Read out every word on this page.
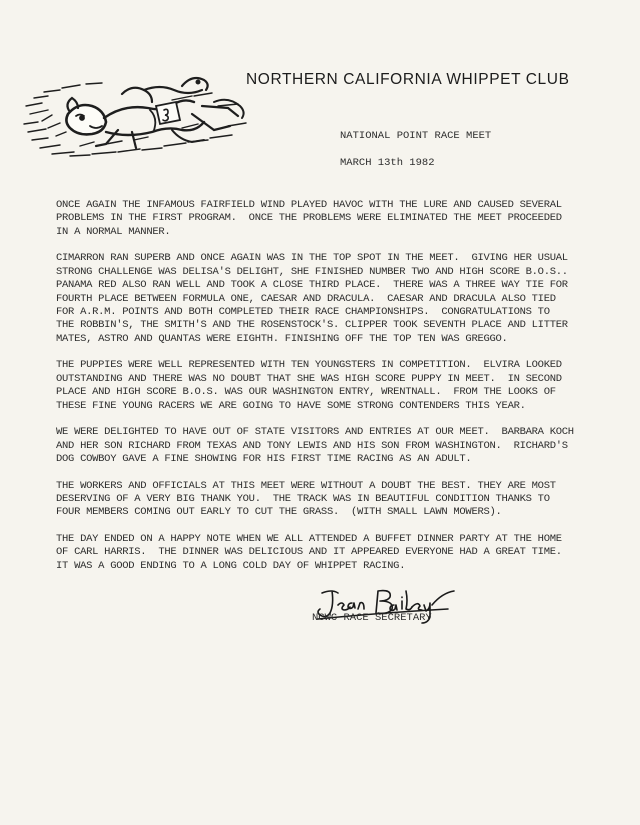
NORTHERN CALIFORNIA WHIPPET CLUB
NATIONAL POINT RACE MEET
MARCH 13th 1982

ONCE AGAIN THE INFAMOUS FAIRFIELD WIND PLAYED HAVOC WITH THE LURE AND CAUSED SEVERAL
PROBLEMS IN THE FIRST PROGRAM.  ONCE THE PROBLEMS WERE ELIMINATED THE MEET PROCEEDED
IN A NORMAL MANNER.

CIMARRON RAN SUPERB AND ONCE AGAIN WAS IN THE TOP SPOT IN THE MEET.  GIVING HER USUAL
STRONG CHALLENGE WAS DELISA'S DELIGHT, SHE FINISHED NUMBER TWO AND HIGH SCORE B.O.S..
PANAMA RED ALSO RAN WELL AND TOOK A CLOSE THIRD PLACE.  THERE WAS A THREE WAY TIE FOR
FOURTH PLACE BETWEEN FORMULA ONE, CAESAR AND DRACULA.  CAESAR AND DRACULA ALSO TIED
FOR A.R.M. POINTS AND BOTH COMPLETED THEIR RACE CHAMPIONSHIPS.  CONGRATULATIONS TO
THE ROBBIN'S, THE SMITH'S AND THE ROSENSTOCK'S. CLIPPER TOOK SEVENTH PLACE AND LITTER
MATES, ASTRO AND QUANTAS WERE EIGHTH. FINISHING OFF THE TOP TEN WAS GREGGO.

THE PUPPIES WERE WELL REPRESENTED WITH TEN YOUNGSTERS IN COMPETITION.  ELVIRA LOOKED
OUTSTANDING AND THERE WAS NO DOUBT THAT SHE WAS HIGH SCORE PUPPY IN MEET.  IN SECOND
PLACE AND HIGH SCORE B.O.S. WAS OUR WASHINGTON ENTRY, WRENTNALL.  FROM THE LOOKS OF
THESE FINE YOUNG RACERS WE ARE GOING TO HAVE SOME STRONG CONTENDERS THIS YEAR.

WE WERE DELIGHTED TO HAVE OUT OF STATE VISITORS AND ENTRIES AT OUR MEET.  BARBARA KOCH
AND HER SON RICHARD FROM TEXAS AND TONY LEWIS AND HIS SON FROM WASHINGTON.  RICHARD'S
DOG COWBOY GAVE A FINE SHOWING FOR HIS FIRST TIME RACING AS AN ADULT.

THE WORKERS AND OFFICIALS AT THIS MEET WERE WITHOUT A DOUBT THE BEST. THEY ARE MOST
DESERVING OF A VERY BIG THANK YOU.  THE TRACK WAS IN BEAUTIFUL CONDITION THANKS TO
FOUR MEMBERS COMING OUT EARLY TO CUT THE GRASS.  (WITH SMALL LAWN MOWERS).

THE DAY ENDED ON A HAPPY NOTE WHEN WE ALL ATTENDED A BUFFET DINNER PARTY AT THE HOME
OF CARL HARRIS.  THE DINNER WAS DELICIOUS AND IT APPEARED EVERYONE HAD A GREAT TIME.
IT WAS A GOOD ENDING TO A LONG COLD DAY OF WHIPPET RACING.

NCWC RACE SECRETARY
